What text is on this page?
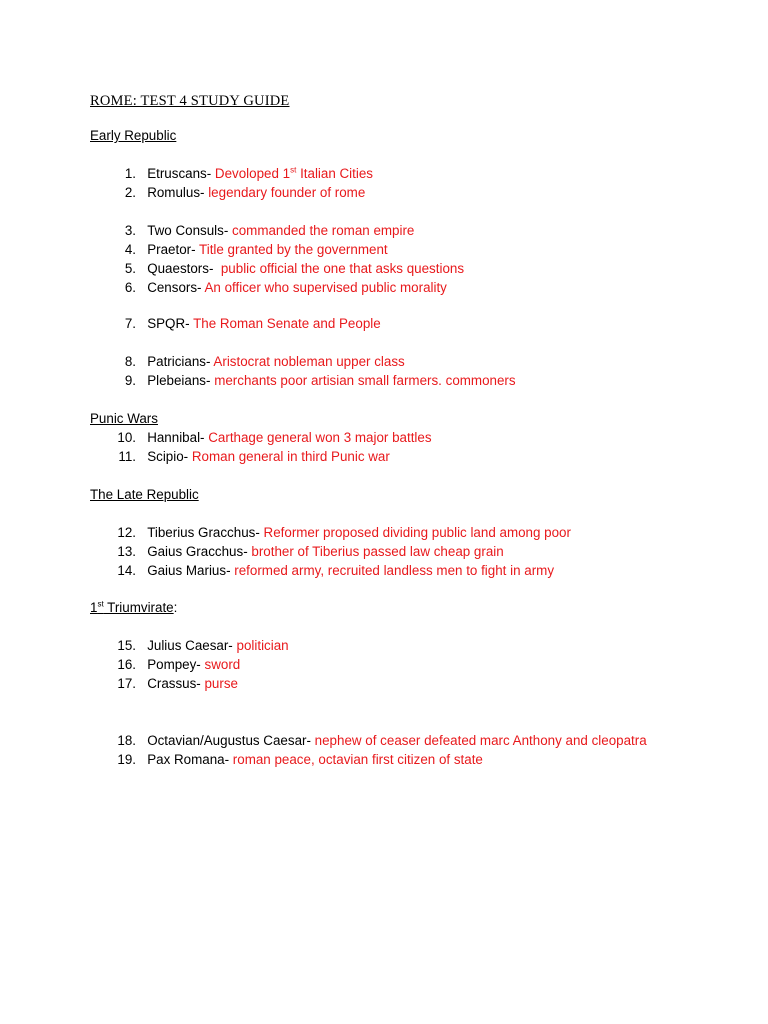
ROME: TEST 4 STUDY GUIDE
Early Republic
1. Etruscans- Devoloped 1st Italian Cities
2. Romulus- legendary founder of rome
3. Two Consuls- commanded the roman empire
4. Praetor- Title granted by the government
5. Quaestors-  public official the one that asks questions
6. Censors- An officer who supervised public morality
7. SPQR- The Roman Senate and People
8. Patricians- Aristocrat nobleman upper class
9. Plebeians- merchants poor artisian small farmers. commoners
Punic Wars
10. Hannibal- Carthage general won 3 major battles
11. Scipio- Roman general in third Punic war
The Late Republic
12. Tiberius Gracchus- Reformer proposed dividing public land among poor
13. Gaius Gracchus- brother of Tiberius passed law cheap grain
14. Gaius Marius- reformed army, recruited landless men to fight in army
1st Triumvirate:
15. Julius Caesar- politician
16. Pompey- sword
17. Crassus- purse
18. Octavian/Augustus Caesar- nephew of ceaser defeated marc Anthony and cleopatra
19. Pax Romana- roman peace, octavian first citizen of state
